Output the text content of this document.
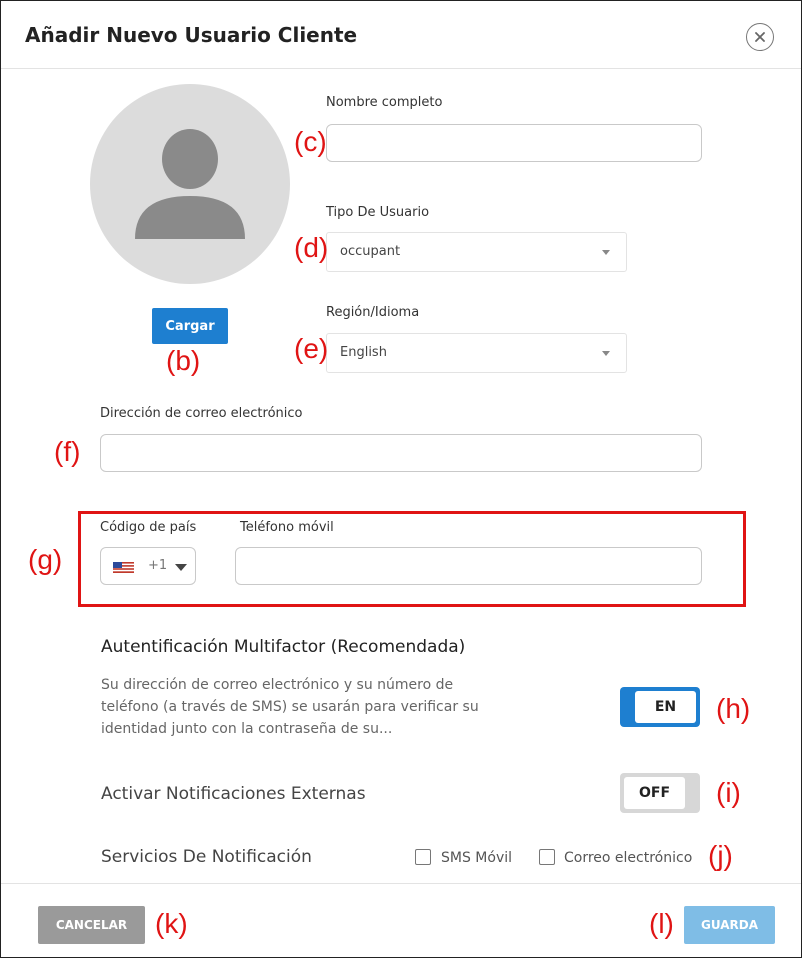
Añadir Nuevo Usuario Cliente
Cargar
Nombre completo
Tipo De Usuario
occupant
Región/Idioma
English
Dirección de correo electrónico
Código de país	Teléfono móvil
+1
Autentificación Multifactor (Recomendada)
Su dirección de correo electrónico y su número de teléfono (a través de SMS) se usarán para verificar su identidad junto con la contraseña de su...
EN
Activar Notificaciones Externas	OFF
Servicios De Notificación	SMS Móvil	Correo electrónico
CANCELAR	GUARDA
(b)
(c)
(d)
(e)
(f)
(g)
(h)
(i)
(j)
(k)	(l)
